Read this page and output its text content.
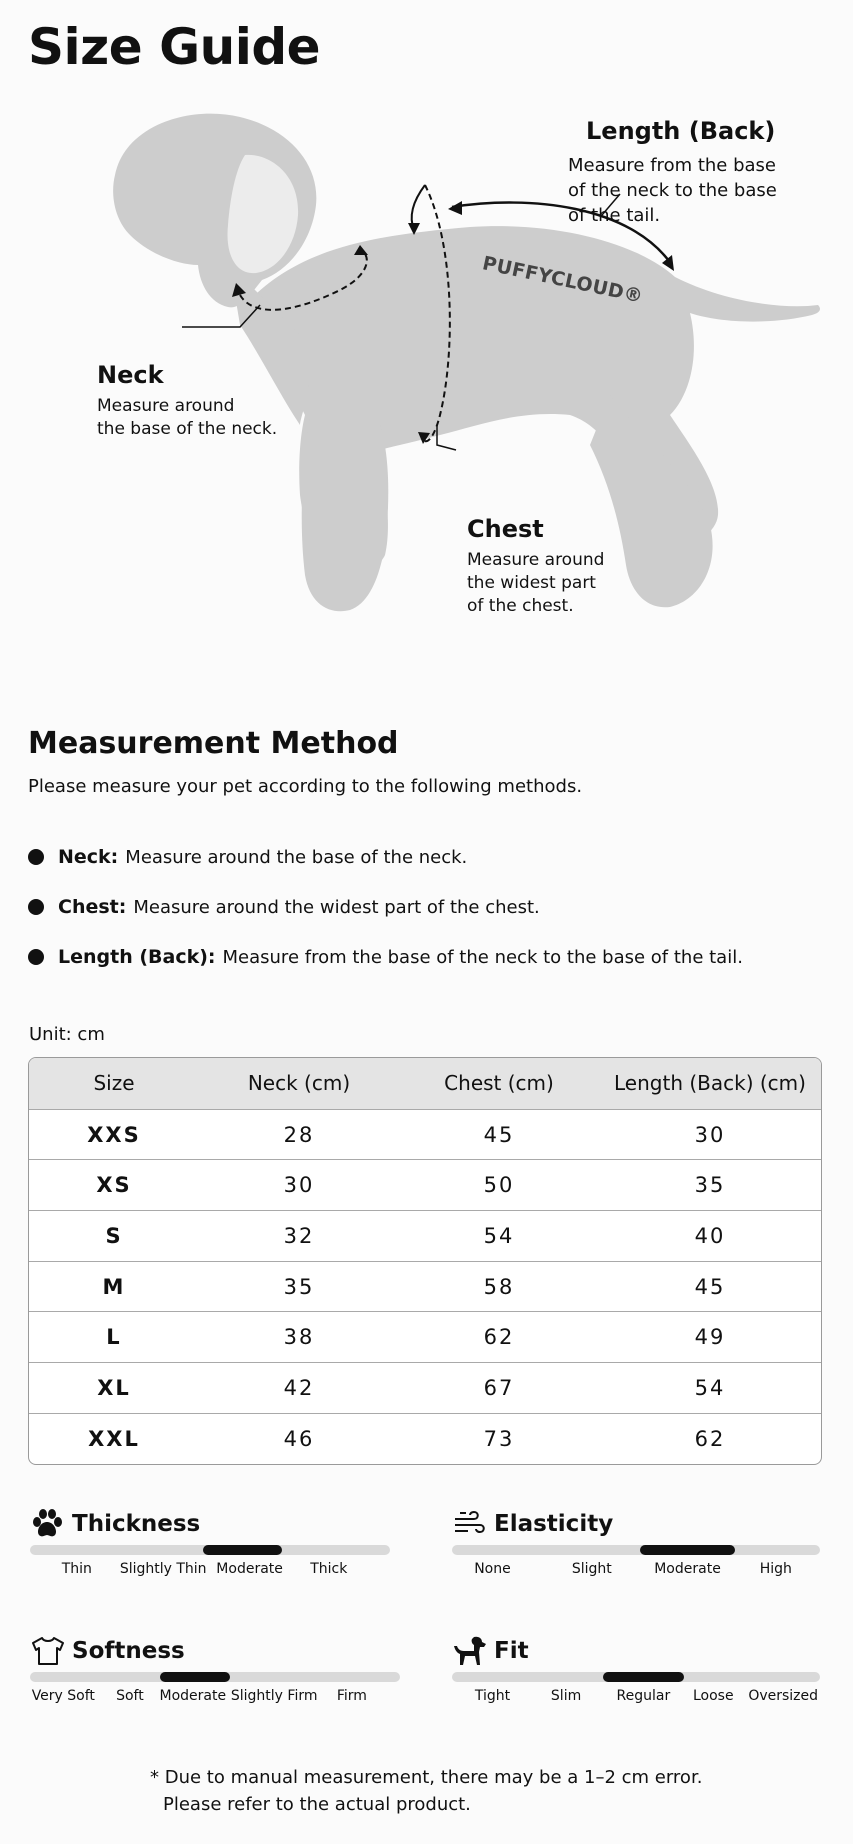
Size Guide
PUFFYCLOUD®
Length (Back)
Measure from the base
of the neck to the base
of the tail.
Neck
Measure around
the base of the neck.
Chest
Measure around
the widest part
of the chest.
Measurement Method
Please measure your pet according to the following methods.
Neck: Measure around the base of the neck.
Chest: Measure around the widest part of the chest.
Length (Back): Measure from the base of the neck to the base of the tail.
Unit: cm
Size	Neck (cm)	Chest (cm)	Length (Back) (cm)
XXS	28	45	30
XS	30	50	35
S	32	54	40
M	35	58	45
L	38	62	49
XL	42	67	54
XXL	46	73	62
Thickness
Thin Slightly Thin Moderate Thick
Elasticity
None	Slight	Moderate	High
Softness
Very Soft Soft Moderate Slightly Firm Firm
Fit
Tight	Slim	Regular Loose Oversized
* Due to manual measurement, there may be a 1–2 cm error.
Please refer to the actual product.
